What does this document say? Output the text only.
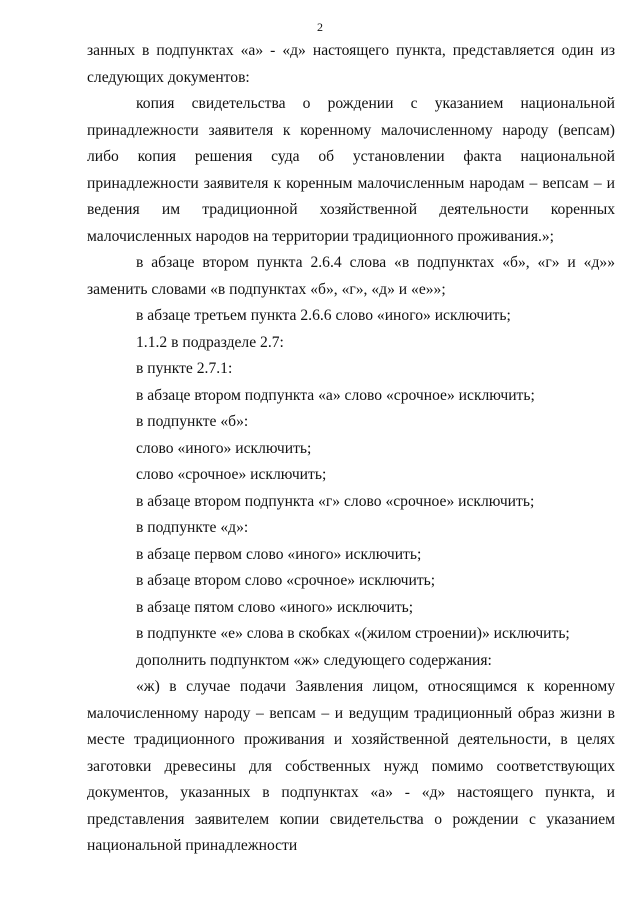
2

занных в подпунктах «а» - «д» настоящего пункта, представляется один из следующих документов:

копия свидетельства о рождении с указанием национальной принадлежности заявителя к коренному малочисленному народу (вепсам) либо копия решения суда об установлении факта национальной принадлежности заявителя к коренным малочисленным народам – вепсам – и ведения им традиционной хозяйственной деятельности коренных малочисленных народов на территории традиционного проживания.»;

в абзаце втором пункта 2.6.4 слова «в подпунктах «б», «г» и «д»» заменить словами «в подпунктах «б», «г», «д» и «е»»;

в абзаце третьем пункта 2.6.6 слово «иного» исключить;

1.1.2 в подразделе 2.7:

в пункте 2.7.1:

в абзаце втором подпункта «а» слово «срочное» исключить;

в подпункте «б»:

слово «иного» исключить;

слово «срочное» исключить;

в абзаце втором подпункта «г» слово «срочное» исключить;

в подпункте «д»:

в абзаце первом слово «иного» исключить;

в абзаце втором слово «срочное» исключить;

в абзаце пятом слово «иного» исключить;

в подпункте «е» слова в скобках «(жилом строении)» исключить;

дополнить подпунктом «ж» следующего содержания:

«ж) в случае подачи Заявления лицом, относящимся к коренному малочисленному народу – вепсам – и ведущим традиционный образ жизни в месте традиционного проживания и хозяйственной деятельности, в целях заготовки древесины для собственных нужд помимо соответствующих документов, указанных в подпунктах «а» - «д» настоящего пункта, и представления заявителем копии свидетельства о рождении с указанием национальной принадлежности
